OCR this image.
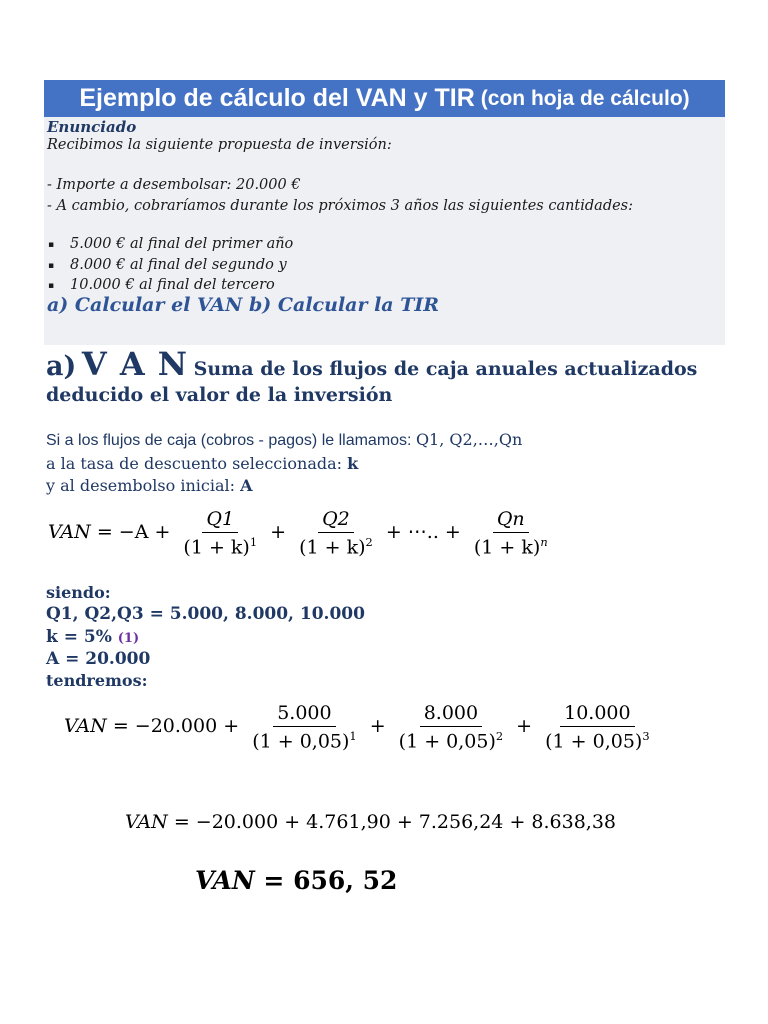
Ejemplo de cálculo del VAN y TIR (con hoja de cálculo)
Enunciado
Recibimos la siguiente propuesta de inversión:
- Importe a desembolsar: 20.000 €
- A cambio, cobraríamos durante los próximos 3 años las siguientes cantidades:
▪ 5.000 € al final del primer año
▪ 8.000 € al final del segundo y
▪ 10.000 € al final del tercero
a) Calcular el VAN b) Calcular la TIR
a) V A N Suma de los flujos de caja anuales actualizados
deducido el valor de la inversión
Si a los flujos de caja (cobros - pagos) le llamamos: Q1, Q2,…,Qn
a la tasa de descuento seleccionada: k
y al desembolso inicial: A
VAN = $-A + \frac{Q1}{(1 + k)^1} + \frac{Q2}{(1 + k)^2}$ + ⋯.. + $\frac{Qn}{(1 + k)^n}$
siendo:
Q1, Q2,Q3 = 5.000, 8.000, 10.000
k = 5% (1)
A = 20.000
tendremos:
VAN = $-20.000 + \frac{5.000}{(1 + 0,05)^1} + \frac{8.000}{(1 + 0,05)^2} + \frac{10.000}{(1 + 0,05)^3}$
VAN = −20.000 + 4.761,90 + 7.256,24 + 8.638,38
VAN = 656, 52
